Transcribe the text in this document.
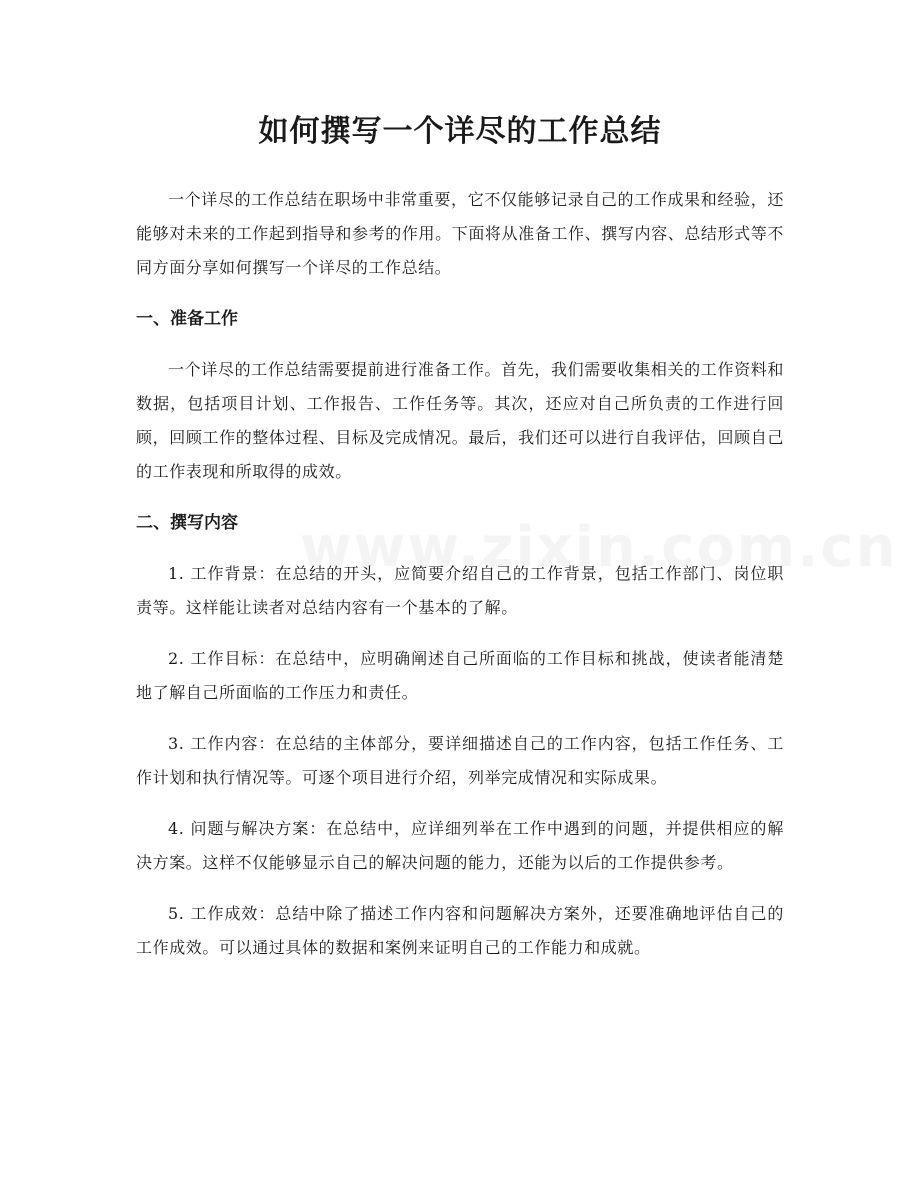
如何撰写一个详尽的工作总结

一个详尽的工作总结在职场中非常重要，它不仅能够记录自己的工作成果和经验，还能够对未来的工作起到指导和参考的作用。下面将从准备工作、撰写内容、总结形式等不同方面分享如何撰写一个详尽的工作总结。

一、准备工作

一个详尽的工作总结需要提前进行准备工作。首先，我们需要收集相关的工作资料和数据，包括项目计划、工作报告、工作任务等。其次，还应对自己所负责的工作进行回顾，回顾工作的整体过程、目标及完成情况。最后，我们还可以进行自我评估，回顾自己的工作表现和所取得的成效。

二、撰写内容

1. 工作背景：在总结的开头，应简要介绍自己的工作背景，包括工作部门、岗位职责等。这样能让读者对总结内容有一个基本的了解。

2. 工作目标：在总结中，应明确阐述自己所面临的工作目标和挑战，使读者能清楚地了解自己所面临的工作压力和责任。

3. 工作内容：在总结的主体部分，要详细描述自己的工作内容，包括工作任务、工作计划和执行情况等。可逐个项目进行介绍，列举完成情况和实际成果。

4. 问题与解决方案：在总结中，应详细列举在工作中遇到的问题，并提供相应的解决方案。这样不仅能够显示自己的解决问题的能力，还能为以后的工作提供参考。

5. 工作成效：总结中除了描述工作内容和问题解决方案外，还要准确地评估自己的工作成效。可以通过具体的数据和案例来证明自己的工作能力和成就。
